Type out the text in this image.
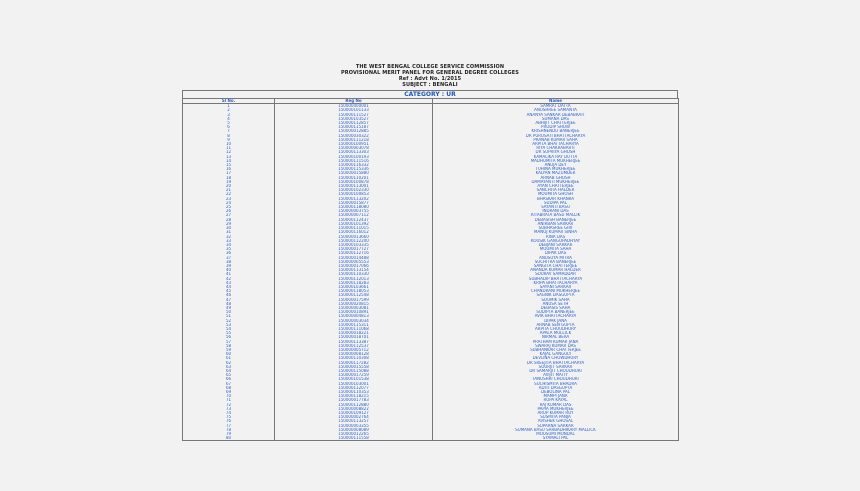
THE WEST BENGAL COLLEGE SERVICE COMMISSION
PROVISIONAL MERIT PANEL FOR GENERAL DEGREE COLLEGES
Ref : Advt No. 1/2015
SUBJECT : BENGALI
CATEGORY : UR
Sl No.	Reg No	Name
1	150000400001	SAMRAT DATTA
2	150000101133	ANUSHREE SAMANTA
3	150000111527	ANANYA SANKAR DEBABRATI
4	150000103527	SUMANA DAS
5	150000112857	ABHIJIT CHATTERJEE
6	150000115187	PRODIP SHOW
7	150000012885	KRISHNENDU BANERJEE
8	150000030322	DR PURUSATI BHATTACHARYA
9	150000111218	PRANAB KUMAR SAHA
10	150000100951	ARPITA BHATTACHARYA
11	150000003078	RIYA CHAKRABARTI
12	150000113303	DR SUPRIYA GHOSH
13	150000100193	KAMALIKA RAY DUTTA
14	150000111516	MADHUMITA MUKHERJEE
15	150000116332	ANUJA DEY
16	150000115336	TUHINA MUKHERJEE
17	150000015880	KALYAN MAZUMDER
18	150000110201	ARNAB GHOSH
19	150000100878	DAMAYANTI MUKHERJEE
20	150000113001	AYAN CHATTERJEE
21	150000102330	SANCHITA HALDER
22	150000100853	MOUMITA GHOSH
23	150000113202	BHASKAR KHANRA
24	150000015877	SUDIPA PAL
25	150000118080	SAYANTI BASU
26	150000003755	INDRANI DAS
27	150000007112	RITABRATA BASU MALLIK
28	150000112437	DEBASISH BANERJEE
29	150000101392	ANIRBAN SARKAR
30	150000111015	SUBHASREE GIRI
31	150000116012	MANOJ KUMAR SINHA
32	150000013660	RINA DAS
33	150000112200	KOUSIK GANGOPADHYAY
34	150000103335	DEBJANI SARKAR
35	150000017727	MOUMITA SAHA
36	150000112716	DIPAK DAS
37	150000014488	ANUSUYA MITRA
38	150000005553	SUCHITRA BANERJEE
39	150000017066	SANGITA CHATTERJEE
40	150000113154	ANANDA KUMAR HALDER
41	150000110330	SOURAV SAMADDAR
42	150000112013	SUBHADIP BHATTACHARYA
43	150000118283	KRIPA BHATTACHARYA
44	150000103661	SAYANI SARKAR
45	150000118053	CHANDRANI MUKHERJEE
46	150000112548	SAGNIK DASGUPTA
47	150000017599	SOUMIK SAHA
48	150000020815	ANUSA SETH
49	150000003081	DEBASIS SAHA
50	150000010891	SUDIPTA BANERJEE
51	150000004813	AVIK BHATTACHARYA
52	150000003034	DIPAK JANA
53	150000115311	ARNAB SEN GUPTA
54	150000111068	ARPITA CHOUDHURY
55	150000018221	APALA MULLICK
56	150000018701	NIRMAL BERA
57	150000113387	PRATHAM KUMAR JANA
58	150000112537	SWARAJ KUMAR DAS
59	150000005712	SUBHANKAR CHATTERJEE
60	150000008128	KAJAL GANGULY
61	150000110308	DEVLINA CHOWDHURY
62	150000117282	DR SREEJITA BHATTACHARYA
63	150000015558	SOURJIT SARKAR
64	150000115088	DR SAMARJIT CHOUDHURI
65	150000017259	AVIJIT MAITY
66	150000101538	TANUSHRI CHOUDHURI
67	150000103001	SUCHISMITA BHADRA
68	150000112077	ADITI DASGUPTA
69	150000110353	DEBOLINA PAL
70	150000118215	MAMPI JANA
71	150000017783	RUPA KAYAL
72	150000112880	RAJ KUMAR DAS
73	150000008822	PAPIA MUKHERJEE
74	150000109127	ARUP KUMAR ROY
75	150000002764	SUSMITA PANJA
76	150000113257	AVISHEK GHOSAL
77	150000003355	SUPARNA SARKAR
78	150000008089	SUMANA BASU SARBADHIKARY MALLICK
79	150000012265	MOUSUMI MONDAL
80	150000111558	SYAMALI PAL
